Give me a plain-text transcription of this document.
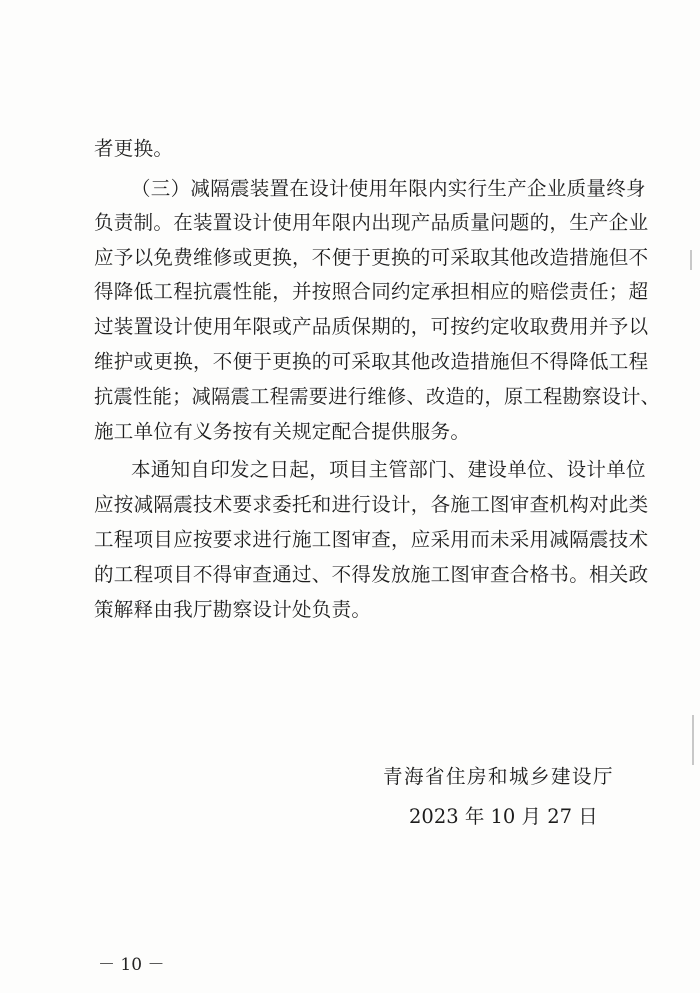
者更换。

（三）减隔震装置在设计使用年限内实行生产企业质量终身

负责制。在装置设计使用年限内出现产品质量问题的，生产企业

应予以免费维修或更换，不便于更换的可采取其他改造措施但不

得降低工程抗震性能，并按照合同约定承担相应的赔偿责任；超

过装置设计使用年限或产品质保期的，可按约定收取费用并予以

维护或更换，不便于更换的可采取其他改造措施但不得降低工程

抗震性能；减隔震工程需要进行维修、改造的，原工程勘察设计、

施工单位有义务按有关规定配合提供服务。

本通知自印发之日起，项目主管部门、建设单位、设计单位

应按减隔震技术要求委托和进行设计，各施工图审查机构对此类

工程项目应按要求进行施工图审查，应采用而未采用减隔震技术

的工程项目不得审查通过、不得发放施工图审查合格书。相关政

策解释由我厅勘察设计处负责。

青海省住房和城乡建设厅
2023 年 10 月 27 日
－ 10 －
